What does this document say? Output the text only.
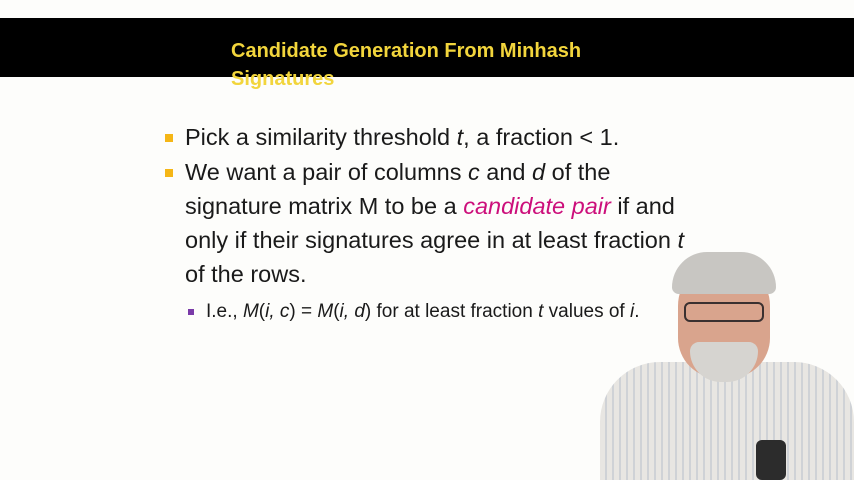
Candidate Generation From Minhash
Signatures
Pick a similarity threshold t, a fraction < 1.
We want a pair of columns c and d of the signature matrix M to be a candidate pair if and only if their signatures agree in at least fraction t of the rows.
I.e., M(i, c) = M(i, d) for at least fraction t values of i.
